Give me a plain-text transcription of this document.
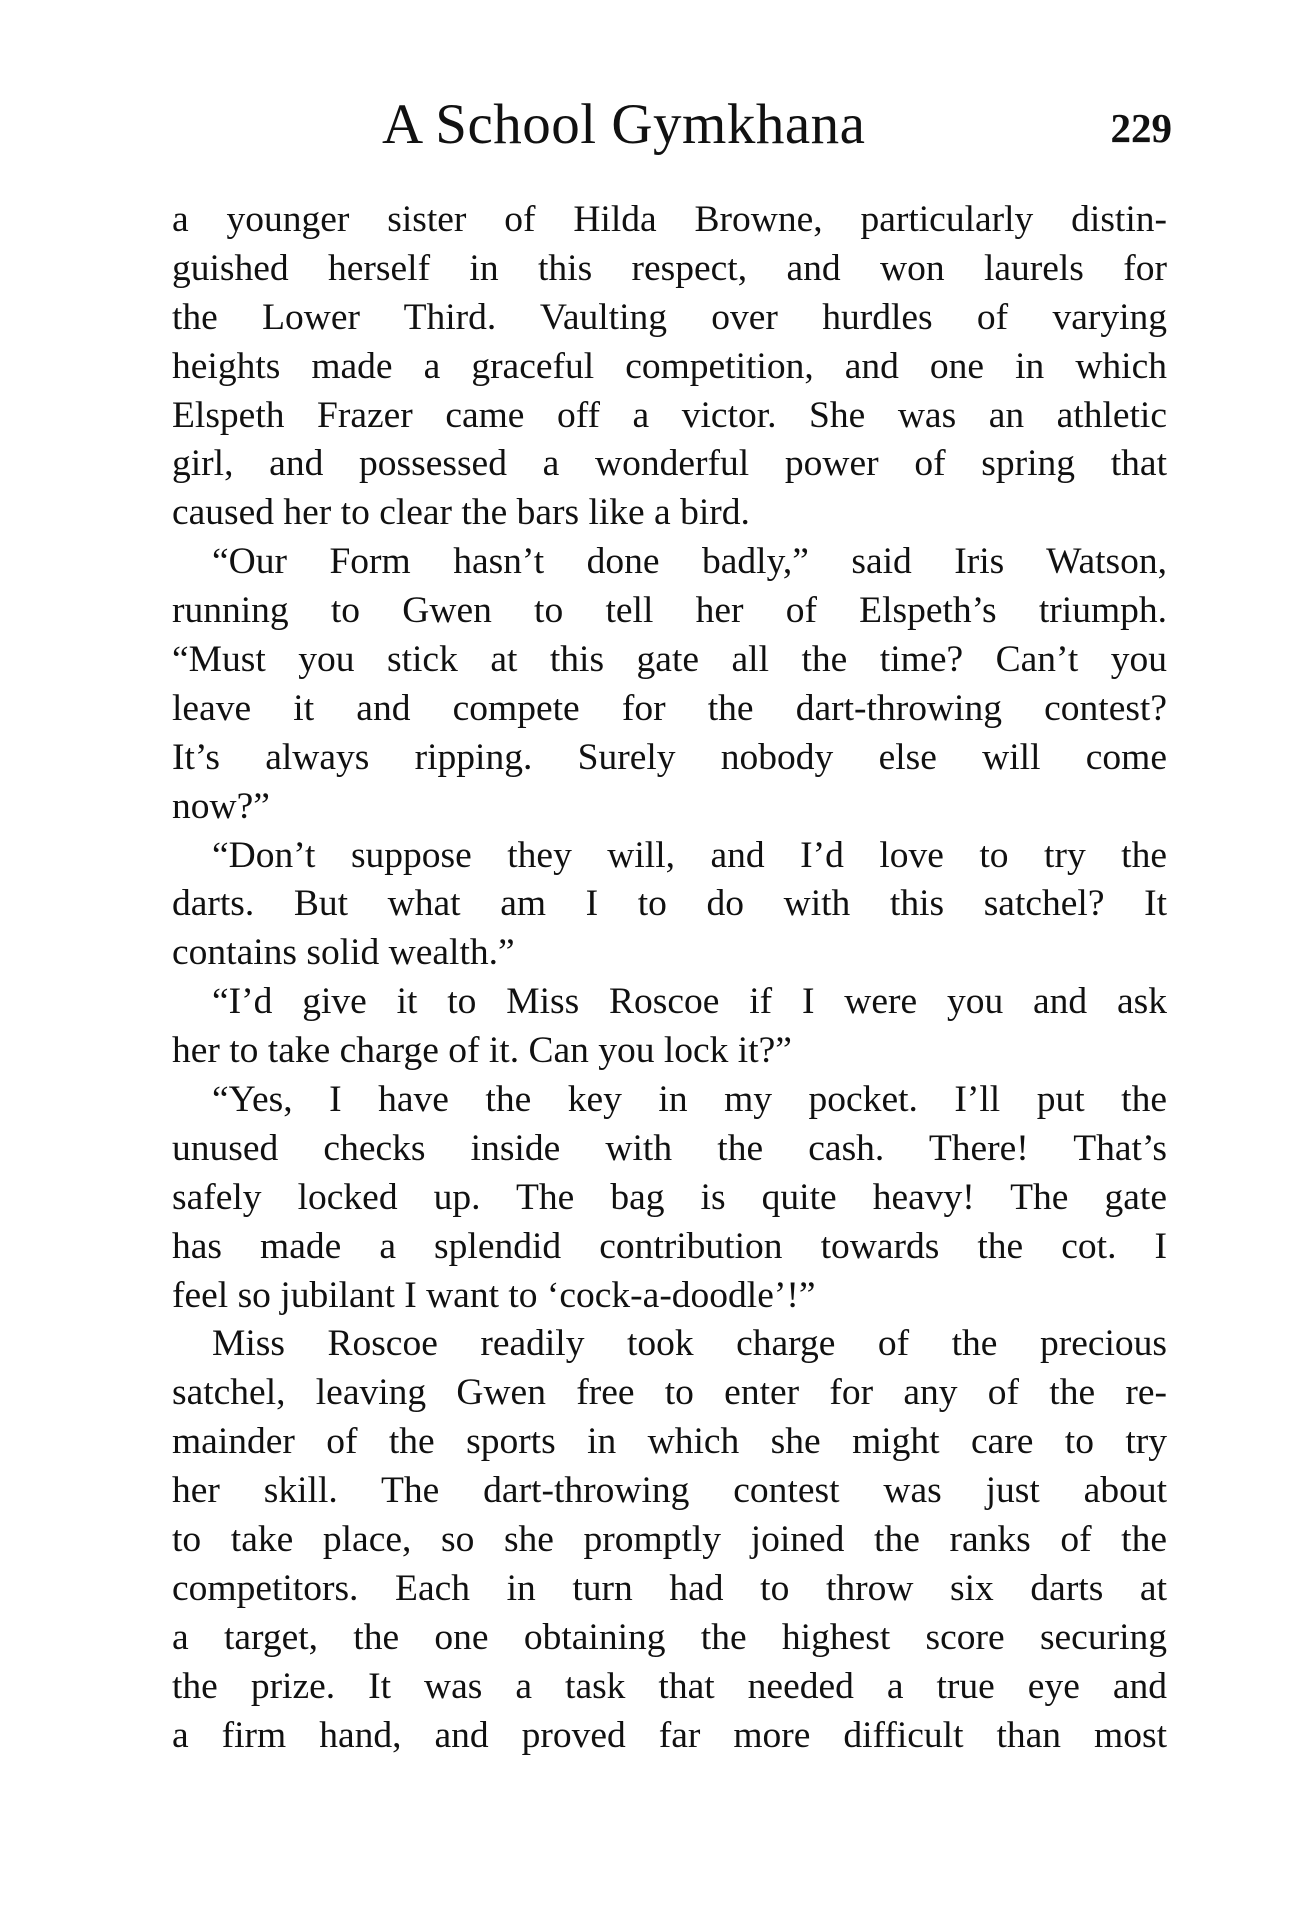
A School Gymkhana	229
a younger sister of Hilda Browne, particularly distin-
guished herself in this respect, and won laurels for
the Lower Third. Vaulting over hurdles of varying
heights made a graceful competition, and one in which
Elspeth Frazer came off a victor. She was an athletic
girl, and possessed a wonderful power of spring that
caused her to clear the bars like a bird.
“Our Form hasn’t done badly,” said Iris Watson,
running to Gwen to tell her of Elspeth’s triumph.
“Must you stick at this gate all the time? Can’t you
leave it and compete for the dart-throwing contest?
It’s always ripping. Surely nobody else will come
now?”
“Don’t suppose they will, and I’d love to try the
darts. But what am I to do with this satchel? It
contains solid wealth.”
“I’d give it to Miss Roscoe if I were you and ask
her to take charge of it. Can you lock it?”
“Yes, I have the key in my pocket. I’ll put the
unused checks inside with the cash. There! That’s
safely locked up. The bag is quite heavy! The gate
has made a splendid contribution towards the cot. I
feel so jubilant I want to ‘cock-a-doodle’!”
Miss Roscoe readily took charge of the precious
satchel, leaving Gwen free to enter for any of the re-
mainder of the sports in which she might care to try
her skill. The dart-throwing contest was just about
to take place, so she promptly joined the ranks of the
competitors. Each in turn had to throw six darts at
a target, the one obtaining the highest score securing
the prize. It was a task that needed a true eye and
a firm hand, and proved far more difficult than most
